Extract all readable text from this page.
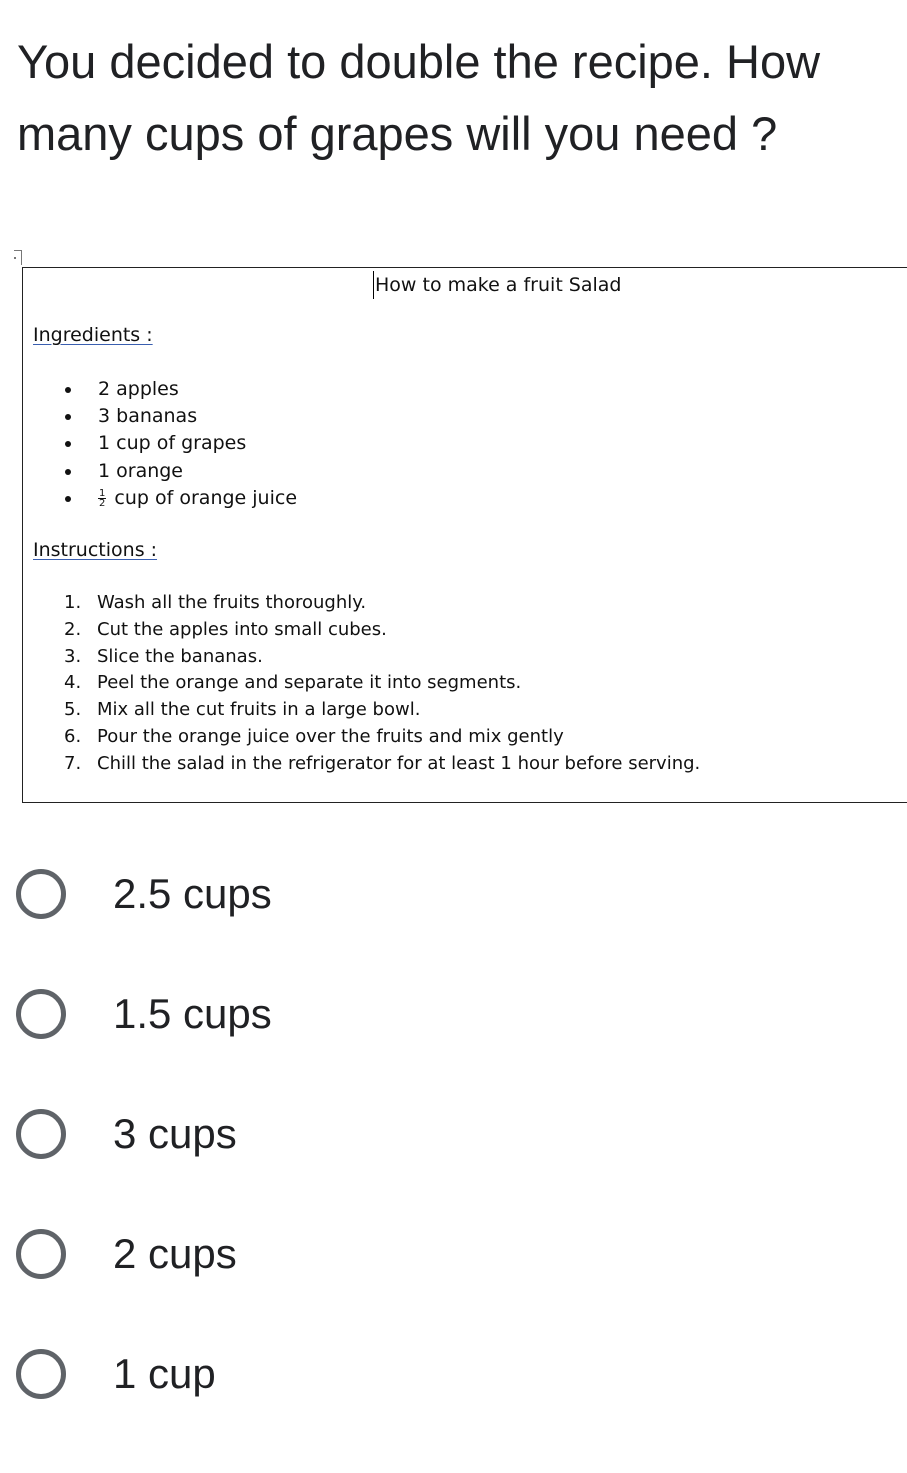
You decided to double the recipe. How many cups of grapes will you need ?
How to make a fruit Salad
Ingredients :
2 apples
3 bananas
1 cup of grapes
1 orange
$\frac{1}{2}$ cup of orange juice
Instructions :
1. Wash all the fruits thoroughly.
2. Cut the apples into small cubes.
3. Slice the bananas.
4. Peel the orange and separate it into segments.
5. Mix all the cut fruits in a large bowl.
6. Pour the orange juice over the fruits and mix gently
7. Chill the salad in the refrigerator for at least 1 hour before serving.
2.5 cups
1.5 cups
3 cups
2 cups
1 cup
